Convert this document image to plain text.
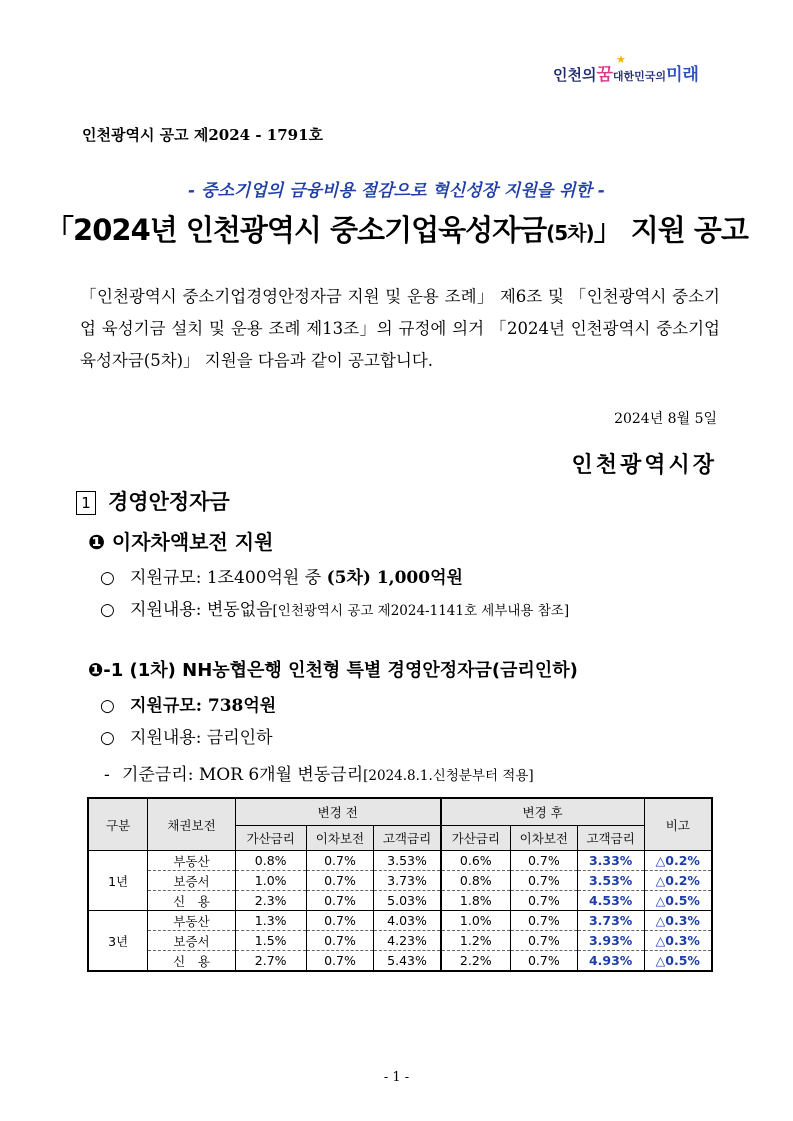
인천의꿈
★
대한민국의미래
인천광역시 공고 제2024 - 1791호
- 중소기업의 금융비용 절감으로 혁신성장 지원을 위한 -
「2024년 인천광역시 중소기업육성자금(5차)」 지원 공고
「인천광역시 중소기업경영안정자금 지원 및 운용 조례」 제6조 및 「인천광역시 중소기업 육성기금 설치 및 운용 조례 제13조」의 규정에 의거 「2024년 인천광역시 중소기업육성자금(5차)」 지원을 다음과 같이 공고합니다.
2024년 8월 5일
인천광역시장
1 경영안정자금
❶ 이자차액보전 지원
○ 지원규모: 1조400억원 중 (5차) 1,000억원
○ 지원내용: 변동없음[인천광역시 공고 제2024-1141호 세부내용 참조]
❶-1 (1차) NH농협은행 인천형 특별 경영안정자금(금리인하)
○ 지원규모: 738억원
○ 지원내용: 금리인하
- 기준금리: MOR 6개월 변동금리[2024.8.1.신청분부터 적용]
구분	채권보전	변경 전			변경 후			비고
		가산금리	이차보전	고객금리	가산금리	이차보전	고객금리	
1년	부동산	0.8%	0.7%	3.53%	0.6%	0.7%	3.33%	△0.2%
	보증서	1.0%	0.7%	3.73%	0.8%	0.7%	3.53%	△0.2%
	신　용	2.3%	0.7%	5.03%	1.8%	0.7%	4.53%	△0.5%
3년	부동산	1.3%	0.7%	4.03%	1.0%	0.7%	3.73%	△0.3%
	보증서	1.5%	0.7%	4.23%	1.2%	0.7%	3.93%	△0.3%
	신　용	2.7%	0.7%	5.43%	2.2%	0.7%	4.93%	△0.5%
- 1 -
